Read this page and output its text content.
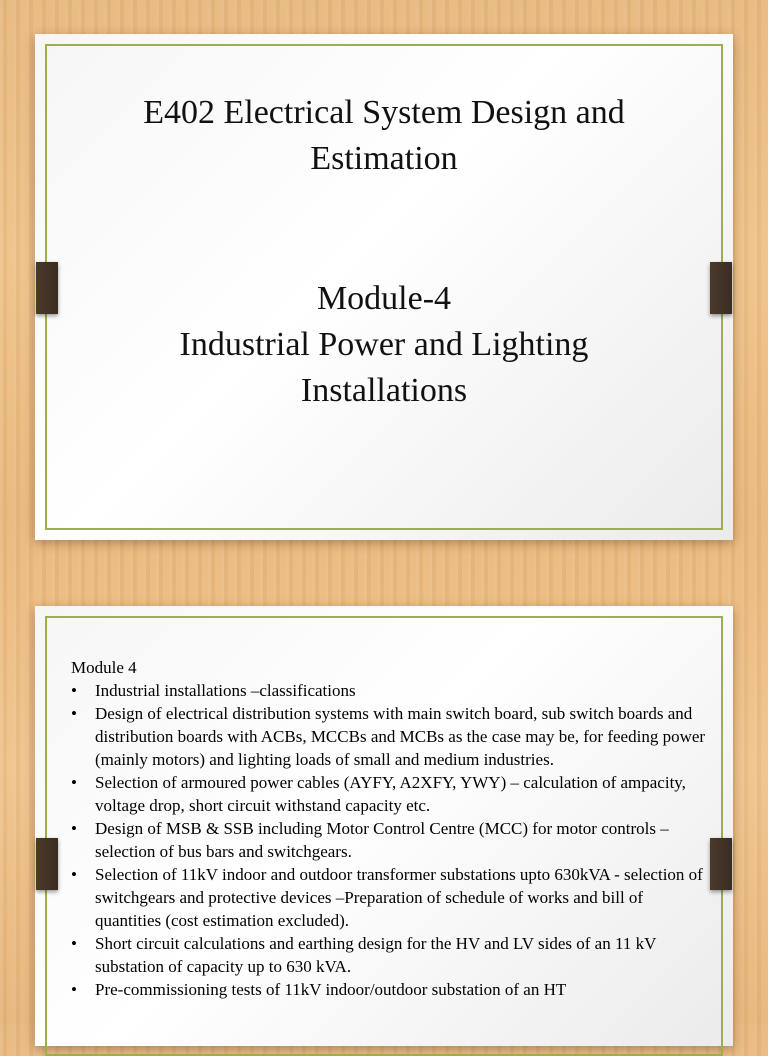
E402 Electrical System Design and
Estimation
Module-4
Industrial Power and Lighting
Installations

Module 4

• Industrial installations –classifications
• Design of electrical distribution systems with main switch board, sub switch boards and distribution boards with ACBs, MCCBs and MCBs as the case may be, for feeding power (mainly motors) and lighting loads of small and medium industries.
• Selection of armoured power cables (AYFY, A2XFY, YWY) – calculation of ampacity, voltage drop, short circuit withstand capacity etc.
• Design of MSB & SSB including Motor Control Centre (MCC) for motor controls – selection of bus bars and switchgears.
• Selection of 11kV indoor and outdoor transformer substations upto 630kVA - selection of switchgears and protective devices –Preparation of schedule of works and bill of quantities (cost estimation excluded).
• Short circuit calculations and earthing design for the HV and LV sides of an 11 kV substation of capacity up to 630 kVA.
• Pre-commissioning tests of 11kV indoor/outdoor substation of an HT
